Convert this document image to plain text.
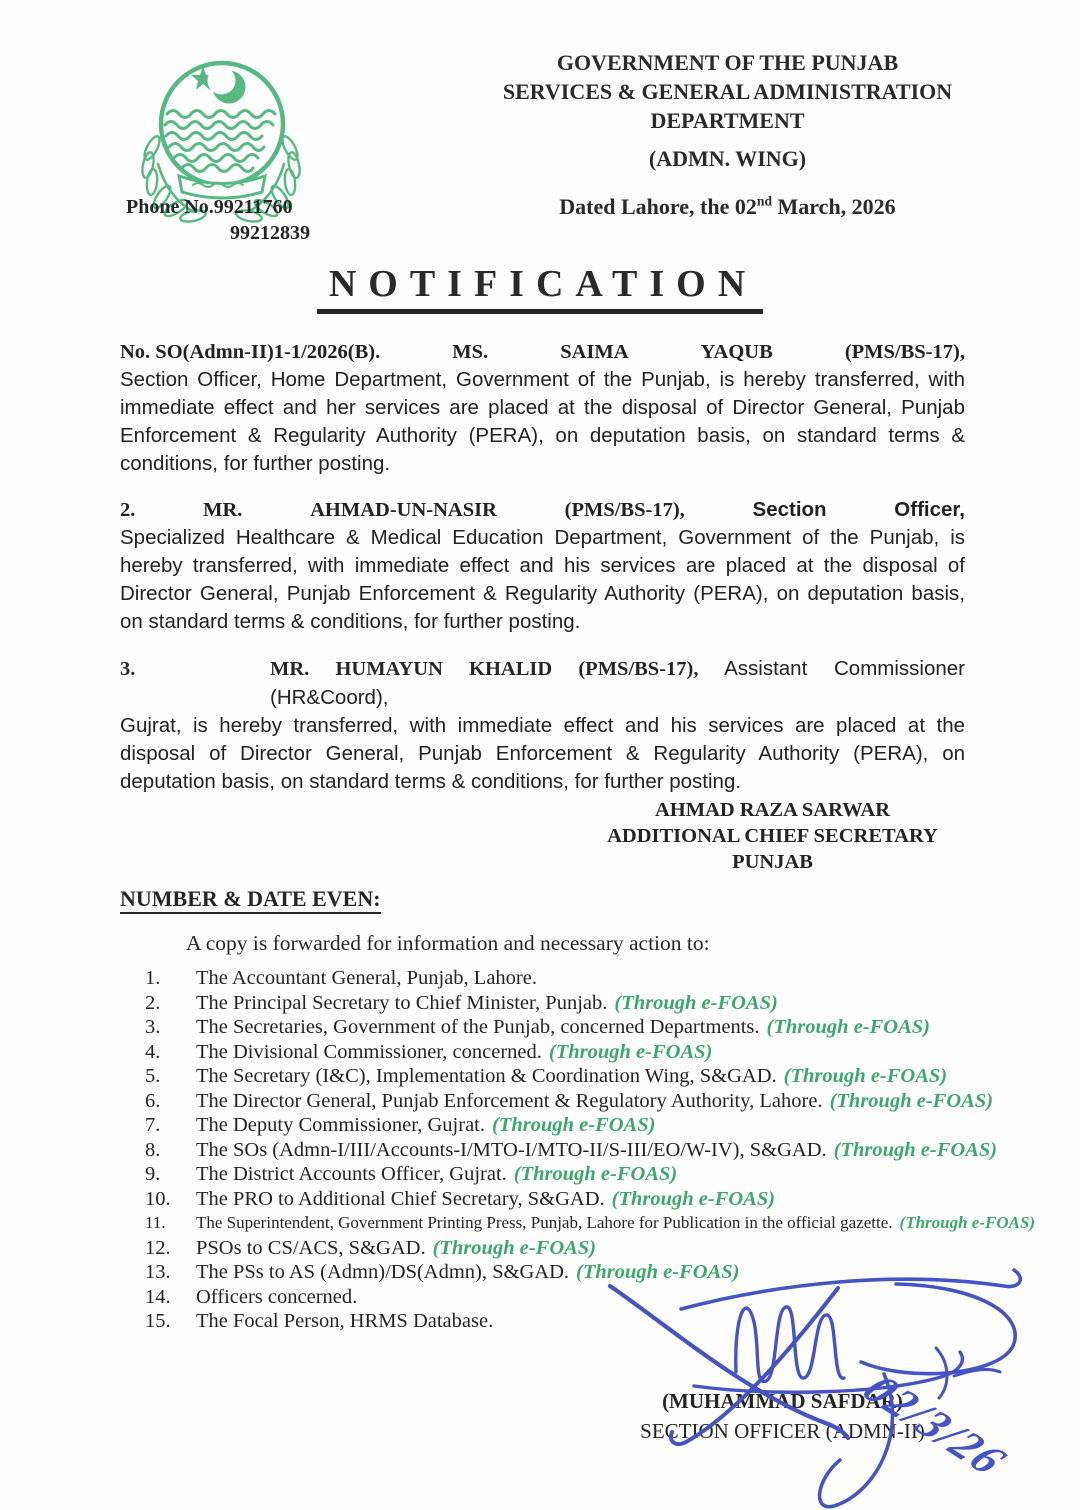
Phone No.99211760
99212839
GOVERNMENT OF THE PUNJAB
SERVICES & GENERAL ADMINISTRATION
DEPARTMENT
(ADMN. WING)
Dated Lahore, the 02nd March, 2026
NOTIFICATION
No. SO(Admn-II)1-1/2026(B).	MS.	SAIMA	YAQUB	(PMS/BS-17),
Section Officer, Home Department, Government of the Punjab, is hereby transferred, with immediate effect and her services are placed at the disposal of Director General, Punjab Enforcement & Regularity Authority (PERA), on deputation basis, on standard terms & conditions, for further posting.
2.	MR.	AHMAD-UN-NASIR	(PMS/BS-17),	Section	Officer,
Specialized Healthcare & Medical Education Department, Government of the Punjab, is hereby transferred, with immediate effect and his services are placed at the disposal of Director General, Punjab Enforcement & Regularity Authority (PERA), on deputation basis, on standard terms & conditions, for further posting.
3.	MR. HUMAYUN KHALID (PMS/BS-17), Assistant Commissioner (HR&Coord),
Gujrat, is hereby transferred, with immediate effect and his services are placed at the disposal of Director General, Punjab Enforcement & Regularity Authority (PERA), on deputation basis, on standard terms & conditions, for further posting.
AHMAD RAZA SARWAR
ADDITIONAL CHIEF SECRETARY
PUNJAB
NUMBER & DATE EVEN:
A copy is forwarded for information and necessary action to:
1.	The Accountant General, Punjab, Lahore.
2.	The Principal Secretary to Chief Minister, Punjab. (Through e-FOAS)
3.	The Secretaries, Government of the Punjab, concerned Departments. (Through e-FOAS)
4.	The Divisional Commissioner, concerned. (Through e-FOAS)
5.	The Secretary (I&C), Implementation & Coordination Wing, S&GAD. (Through e-FOAS)
6.	The Director General, Punjab Enforcement & Regulatory Authority, Lahore. (Through e-FOAS)
7.	The Deputy Commissioner, Gujrat. (Through e-FOAS)
8.	The SOs (Admn-I/III/Accounts-I/MTO-I/MTO-II/S-III/EO/W-IV), S&GAD. (Through e-FOAS)
9.	The District Accounts Officer, Gujrat. (Through e-FOAS)
10.	The PRO to Additional Chief Secretary, S&GAD. (Through e-FOAS)
11.	The Superintendent, Government Printing Press, Punjab, Lahore for Publication in the official gazette. (Through e-FOAS)
12.	PSOs to CS/ACS, S&GAD. (Through e-FOAS)
13.	The PSs to AS (Admn)/DS(Admn), S&GAD. (Through e-FOAS)
14.	Officers concerned.
15.	The Focal Person, HRMS Database.
(MUHAMMAD SAFDAR)
SECTION OFFICER (ADMN-II)
02/3/26
